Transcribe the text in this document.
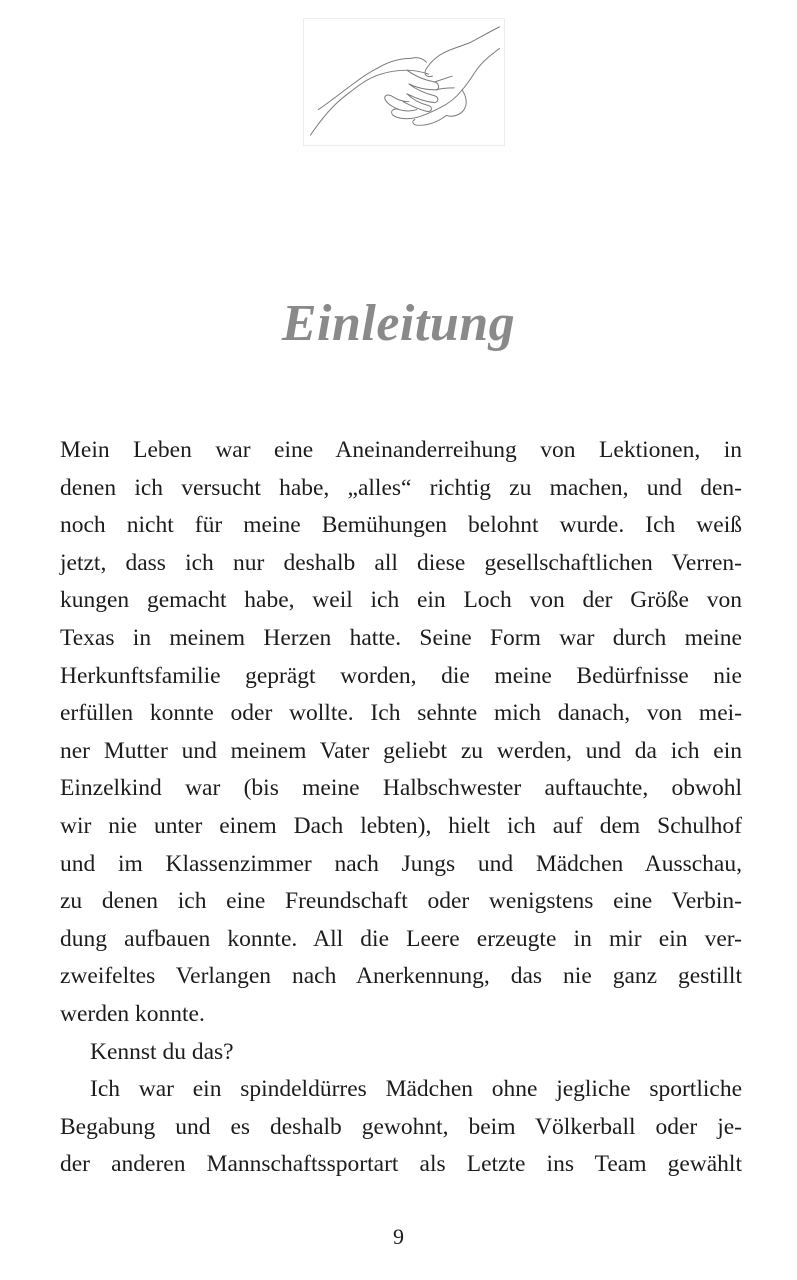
Einleitung
Mein Leben war eine Aneinanderreihung von Lektionen, in
denen ich versucht habe, „alles“ richtig zu machen, und den-
noch nicht für meine Bemühungen belohnt wurde. Ich weiß
jetzt, dass ich nur deshalb all diese gesellschaftlichen Verren-
kungen gemacht habe, weil ich ein Loch von der Größe von
Texas in meinem Herzen hatte. Seine Form war durch meine
Herkunftsfamilie geprägt worden, die meine Bedürfnisse nie
erfüllen konnte oder wollte. Ich sehnte mich danach, von mei-
ner Mutter und meinem Vater geliebt zu werden, und da ich ein
Einzelkind war (bis meine Halbschwester auftauchte, obwohl
wir nie unter einem Dach lebten), hielt ich auf dem Schulhof
und im Klassenzimmer nach Jungs und Mädchen Ausschau,
zu denen ich eine Freundschaft oder wenigstens eine Verbin-
dung aufbauen konnte. All die Leere erzeugte in mir ein ver-
zweifeltes Verlangen nach Anerkennung, das nie ganz gestillt
werden konnte.
Kennst du das?
Ich war ein spindeldürres Mädchen ohne jegliche sportliche
Begabung und es deshalb gewohnt, beim Völkerball oder je-
der anderen Mannschaftssportart als Letzte ins Team gewählt
9
